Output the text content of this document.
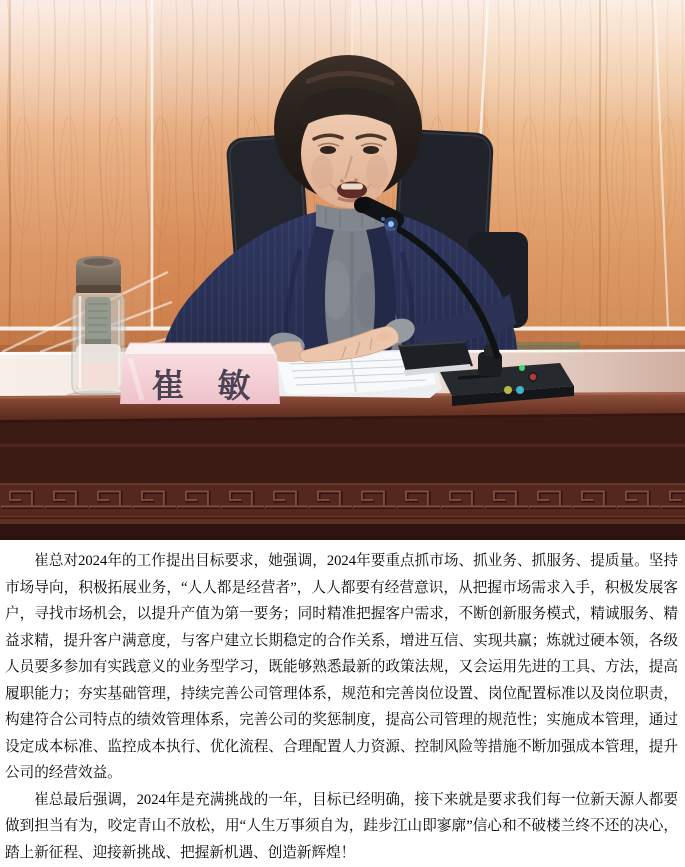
崔　敏

崔总对2024年的工作提出目标要求，她强调，2024年要重点抓市场、抓业务、抓服务、提质量。坚持市场导向，积极拓展业务，“人人都是经营者”，人人都要有经营意识，从把握市场需求入手，积极发展客户，寻找市场机会，以提升产值为第一要务；同时精准把握客户需求，不断创新服务模式，精诚服务、精益求精，提升客户满意度，与客户建立长期稳定的合作关系，增进互信、实现共赢；炼就过硬本领，各级人员要多参加有实践意义的业务型学习，既能够熟悉最新的政策法规，又会运用先进的工具、方法，提高履职能力；夯实基础管理，持续完善公司管理体系，规范和完善岗位设置、岗位配置标准以及岗位职责，构建符合公司特点的绩效管理体系，完善公司的奖惩制度，提高公司管理的规范性；实施成本管理，通过设定成本标准、监控成本执行、优化流程、合理配置人力资源、控制风险等措施不断加强成本管理，提升公司的经营效益。

崔总最后强调，2024年是充满挑战的一年，目标已经明确，接下来就是要求我们每一位新天源人都要做到担当有为，咬定青山不放松，用“人生万事须自为，跬步江山即寥廓”信心和不破楼兰终不还的决心，踏上新征程、迎接新挑战、把握新机遇、创造新辉煌！
